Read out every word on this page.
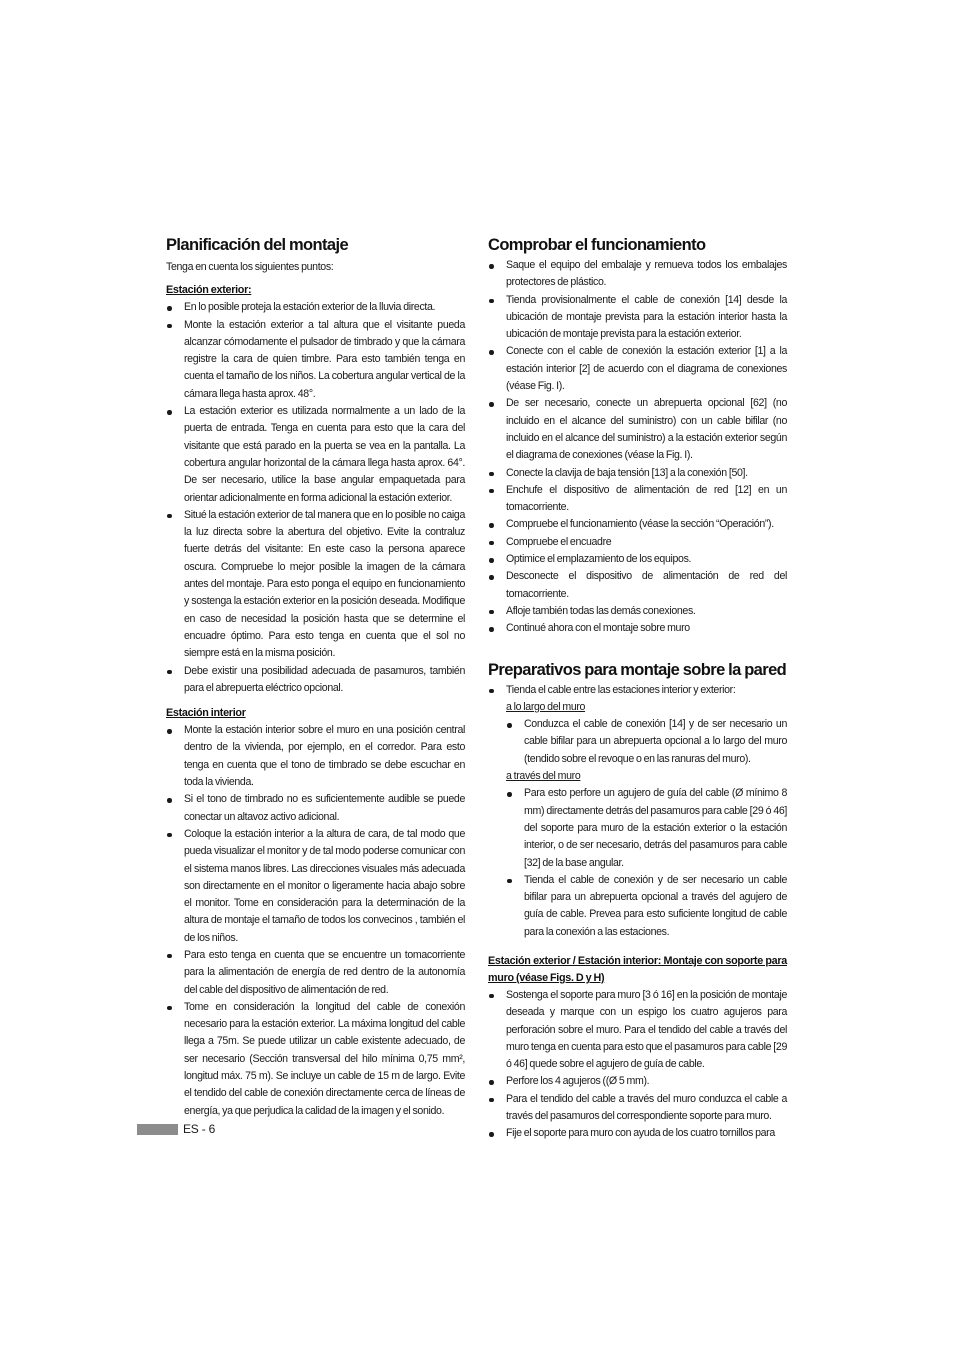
Planificación del montaje
Tenga en cuenta los siguientes puntos:
Estación exterior:
En lo posible proteja la estación exterior de la lluvia directa.
Monte la estación exterior a tal altura que el visitante pueda alcanzar cómodamente el pulsador de timbrado y que la cámara registre la cara de quien timbre. Para esto también tenga en cuenta el tamaño de los niños. La cobertura angular vertical de la cámara llega hasta aprox. 48°.
La estación exterior es utilizada normalmente a un lado de la puerta de entrada. Tenga en cuenta para esto que la cara del visitante que está parado en la puerta se vea en la pantalla. La cobertura angular horizontal de la cámara llega hasta aprox. 64°. De ser necesario, utilice la base angular empaquetada para orientar adicionalmente en forma adicional la estación exterior.
Situé la estación exterior de tal manera que en lo posible no caiga la luz directa sobre la abertura del objetivo. Evite la contraluz fuerte detrás del visitante: En este caso la persona aparece oscura. Compruebe lo mejor posible la imagen de la cámara antes del montaje. Para esto ponga el equipo en funcionamiento y sostenga la estación exterior en la posición deseada. Modifique en caso de necesidad la posición hasta que se determine el encuadre óptimo. Para esto tenga en cuenta que el sol no siempre está en la misma posición.
Debe existir una posibilidad adecuada de pasamuros, también para el abrepuerta eléctrico opcional.
Estación interior
Monte la estación interior sobre el muro en una posición central dentro de la vivienda, por ejemplo, en el corredor. Para esto tenga en cuenta que el tono de timbrado se debe escuchar en toda la vivienda.
Si el tono de timbrado no es suficientemente audible se puede conectar un altavoz activo adicional.
Coloque la estación interior a la altura de cara, de tal modo que pueda visualizar el monitor y de tal modo poderse comunicar con el sistema manos libres. Las direcciones visuales más adecuada son directamente en el monitor o ligeramente hacia abajo sobre el monitor. Tome en consideración para la determinación de la altura de montaje el tamaño de todos los convecinos , también el de los niños.
Para esto tenga en cuenta que se encuentre un tomacorriente para la alimentación de energía de red dentro de la autonomía del cable del dispositivo de alimentación de red.
Tome en consideración la longitud del cable de conexión necesario para la estación exterior. La máxima longitud del cable llega a 75m. Se puede utilizar un cable existente adecuado, de ser necesario (Sección transversal del hilo mínima 0,75 mm², longitud máx. 75 m). Se incluye un cable de 15 m de largo. Evite el tendido del cable de conexión directamente cerca de líneas de energía, ya que perjudica la calidad de la imagen y el sonido.
Comprobar el funcionamiento
Saque el equipo del embalaje y remueva todos los embalajes protectores de plástico.
Tienda provisionalmente el cable de conexión [14] desde la ubicación de montaje prevista para la estación interior hasta la ubicación de montaje prevista para la estación exterior.
Conecte con el cable de conexión la estación exterior [1] a la estación interior [2] de acuerdo con el diagrama de conexiones (véase Fig. I).
De ser necesario, conecte un abrepuerta opcional [62] (no incluido en el alcance del suministro) con un cable bifilar (no incluido en el alcance del suministro) a la estación exterior según el diagrama de conexiones (véase la Fig. I).
Conecte la clavija de baja tensión [13] a la conexión [50].
Enchufe el dispositivo de alimentación de red [12] en un tomacorriente.
Compruebe el funcionamiento (véase la sección “Operación”).
Compruebe el encuadre
Optimice el emplazamiento de los equipos.
Desconecte el dispositivo de alimentación de red del tomacorriente.
Afloje también todas las demás conexiones.
Continué ahora con el montaje sobre muro
Preparativos para montaje sobre la pared
Tienda el cable entre las estaciones interior y exterior:
a lo largo del muro
Conduzca el cable de conexión [14] y de ser necesario un cable bifilar para un abrepuerta opcional a lo largo del muro (tendido sobre el revoque o en las ranuras del muro).
a través del muro
Para esto perfore un agujero de guía del cable (Ø mínimo 8 mm) directamente detrás del pasamuros para cable [29 ó 46] del soporte para muro de la estación exterior o la estación interior, o de ser necesario, detrás del pasamuros para cable [32] de la base angular.
Tienda el cable de conexión y de ser necesario un cable bifilar para un abrepuerta opcional a través del agujero de guía de cable. Prevea para esto suficiente longitud de cable para la conexión a las estaciones.
Estación exterior / Estación interior: Montaje con soporte para muro (véase Figs. D y H)
Sostenga el soporte para muro [3 ó 16] en la posición de montaje deseada y marque con un espigo los cuatro agujeros para perforación sobre el muro. Para el tendido del cable a través del muro tenga en cuenta para esto que el pasamuros para cable [29 ó 46] quede sobre el agujero de guía de cable.
Perfore los 4 agujeros ((Ø 5 mm).
Para el tendido del cable a través del muro conduzca el cable a través del pasamuros del correspondiente soporte para muro.
Fije el soporte para muro con ayuda de los cuatro tornillos para
ES - 6
